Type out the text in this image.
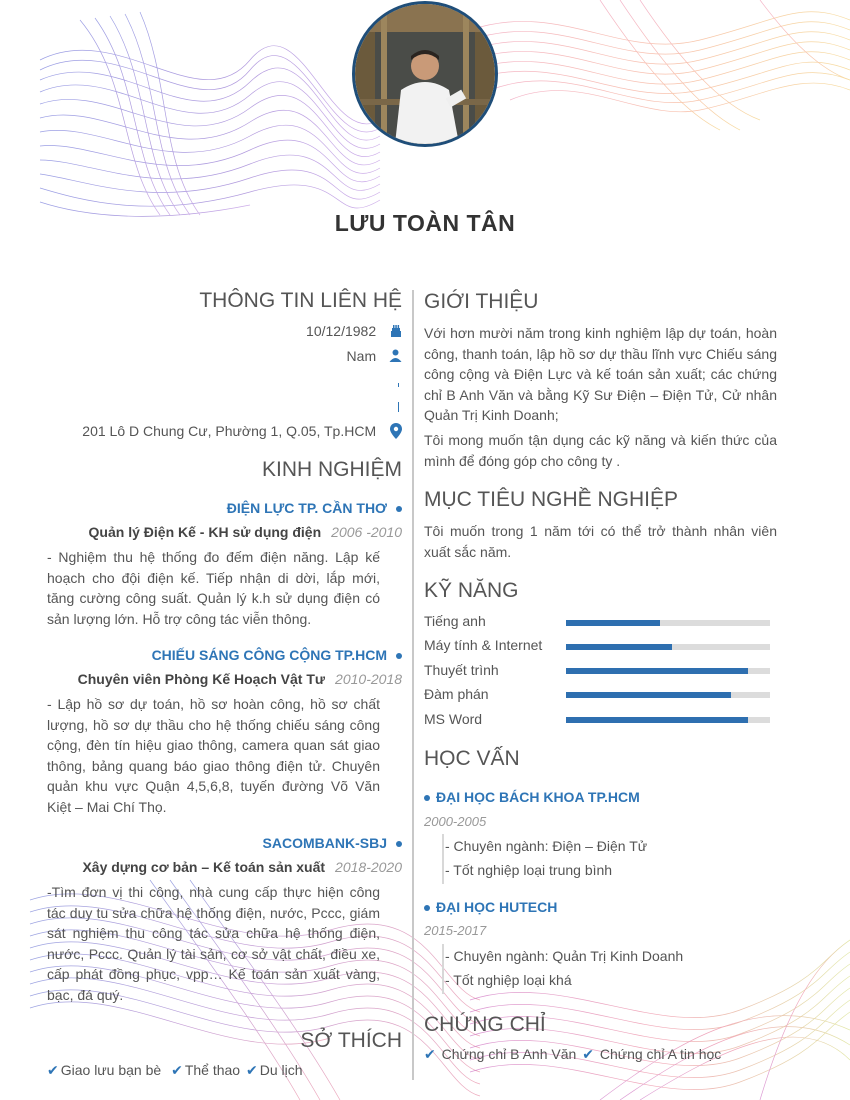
LƯU TOÀN TÂN
THÔNG TIN LIÊN HỆ
10/12/1982
Nam
201 Lô D Chung Cư, Phường 1, Q.05, Tp.HCM
KINH NGHIỆM
ĐIỆN LỰC TP. CẦN THƠ
Quản lý Điện Kế - KH sử dụng điện 2006 -2010
- Nghiệm thu hệ thống đo đếm điện năng. Lập kế hoạch cho đội điện kế. Tiếp nhận di dời, lắp mới, tăng cường công suất. Quản lý k.h sử dụng điện có sản lượng lớn. Hỗ trợ công tác viễn thông.
CHIẾU SÁNG CÔNG CỘNG TP.HCM
Chuyên viên Phòng Kế Hoạch Vật Tư 2010-2018
- Lập hồ sơ dự toán, hồ sơ hoàn công, hồ sơ chất lượng, hồ sơ dự thầu cho hệ thống chiếu sáng công cộng, đèn tín hiệu giao thông, camera quan sát giao thông, bảng quang báo giao thông điện tử. Chuyên quản khu vực Quận 4,5,6,8, tuyến đường Võ Văn Kiệt – Mai Chí Thọ.
SACOMBANK-SBJ
Xây dựng cơ bản – Kế toán sản xuất 2018-2020
-Tìm đơn vị thi công, nhà cung cấp thực hiện công tác duy tu sửa chữa hệ thống điện, nước, Pccc, giám sát nghiệm thu công tác sửa chữa hệ thống điện, nước, Pccc. Quản lý tài sản, cơ sở vật chất, điều xe, cấp phát đồng phục, vpp… Kế toán sản xuất vàng, bạc, đá quý.
SỞ THÍCH
✔ Giao lưu bạn bè ✔ Thể thao ✔ Du lịch
GIỚI THIỆU
Với hơn mười năm trong kinh nghiệm lập dự toán, hoàn công, thanh toán, lập hồ sơ dự thầu lĩnh vực Chiếu sáng công cộng và Điện Lực và kế toán sản xuất; các chứng chỉ B Anh Văn và bằng Kỹ Sư Điện – Điện Tử, Cử nhân Quản Trị Kinh Doanh;
Tôi mong muốn tận dụng các kỹ năng và kiến thức của mình để đóng góp cho công ty .
MỤC TIÊU NGHỀ NGHIỆP
Tôi muốn trong 1 năm tới có thể trở thành nhân viên xuất sắc năm.
KỸ NĂNG
Tiếng anh
Máy tính & Internet
Thuyết trình
Đàm phán
MS Word
HỌC VẤN
ĐẠI HỌC BÁCH KHOA TP.HCM
2000-2005
- Chuyên ngành: Điện – Điện Tử
- Tốt nghiệp loại trung bình
ĐẠI HỌC HUTECH
2015-2017
- Chuyên ngành: Quản Trị Kinh Doanh
- Tốt nghiệp loại khá
CHỨNG CHỈ
✔ Chứng chỉ B Anh Văn ✔ Chứng chỉ A tin học
